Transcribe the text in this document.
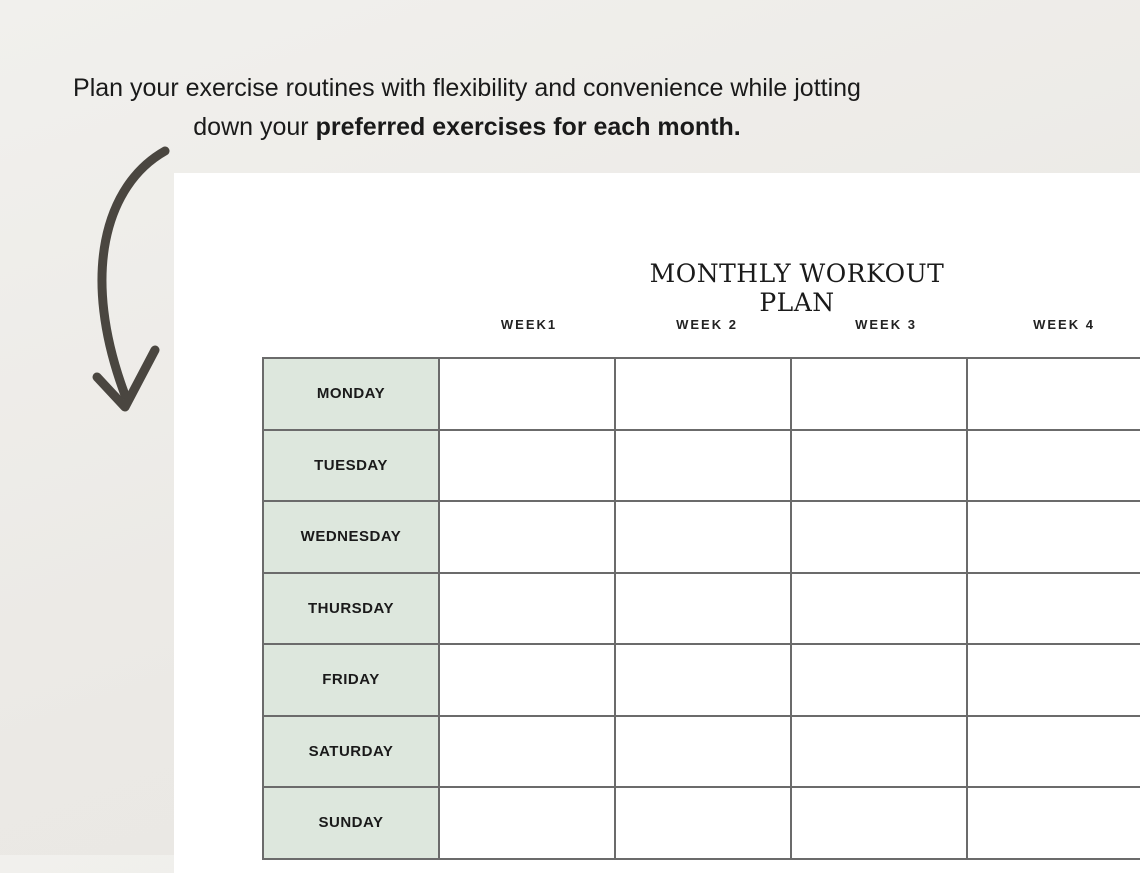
Plan your exercise routines with flexibility and convenience while jotting
down your preferred exercises for each month.
MONTHLY WORKOUT PLAN
WEEK1	WEEK 2	WEEK 3	WEEK 4
MONDAY				
TUESDAY				
WEDNESDAY				
THURSDAY				
FRIDAY				
SATURDAY				
SUNDAY				
